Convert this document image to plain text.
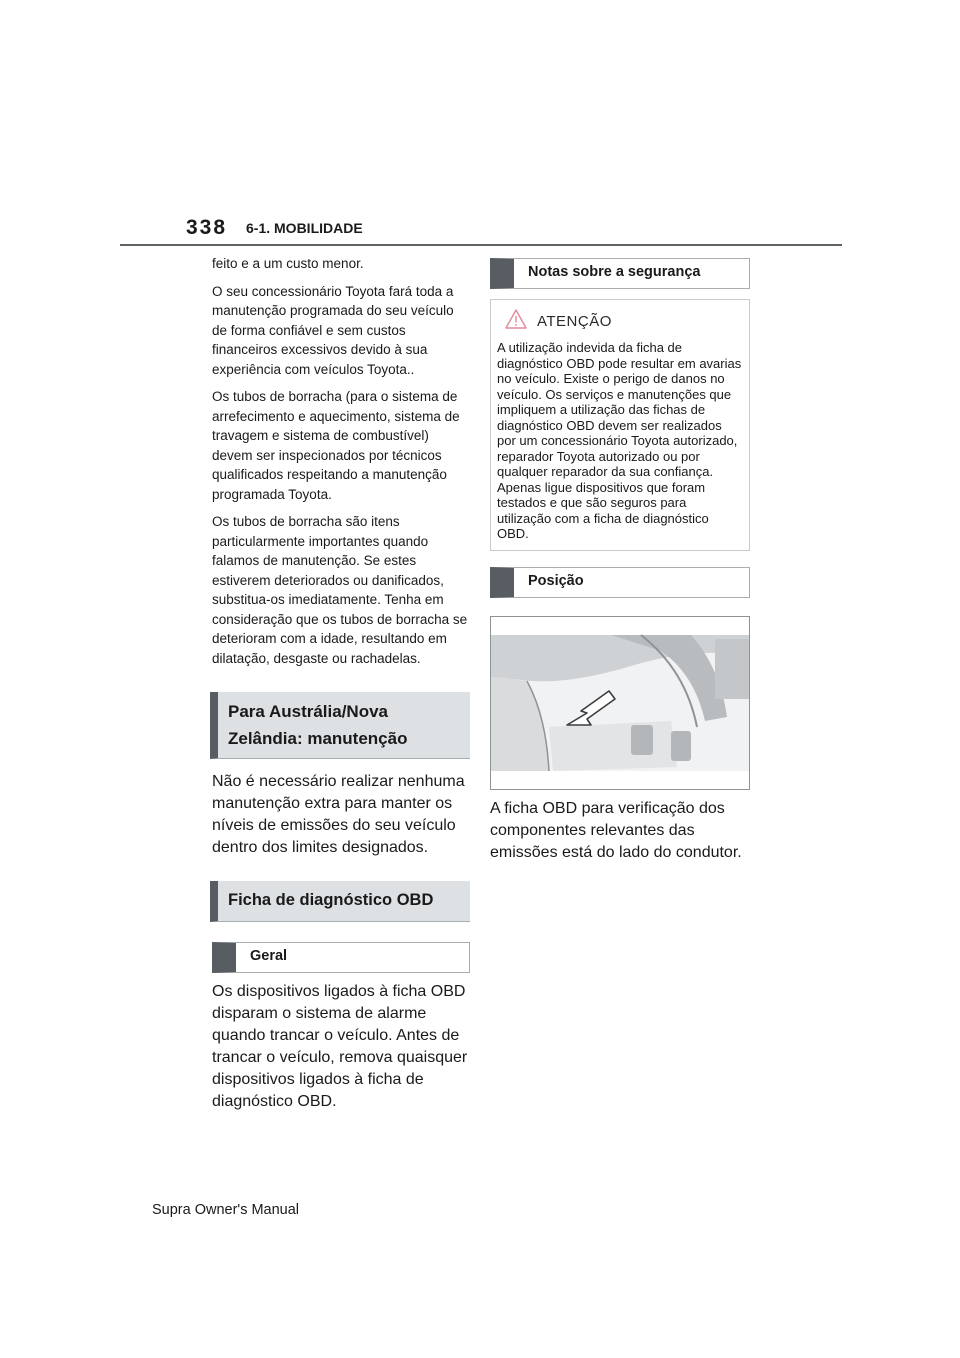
338 6-1. MOBILIDADE

feito e a um custo menor.

O seu concessionário Toyota fará toda a manutenção programada do seu veículo de forma confiável e sem custos financeiros excessivos devido à sua experiência com veículos Toyota..

Os tubos de borracha (para o sistema de arrefecimento e aquecimento, sistema de travagem e sistema de combustível) devem ser inspecionados por técnicos qualificados respeitando a manutenção programada Toyota.

Os tubos de borracha são itens particularmente importantes quando falamos de manutenção. Se estes estiverem deteriorados ou danificados, substitua-os imediatamente. Tenha em consideração que os tubos de borracha se deterioram com a idade, resultando em dilatação, desgaste ou rachadelas.

Para Austrália/Nova Zelândia: manutenção

Não é necessário realizar nenhuma manutenção extra para manter os níveis de emissões do seu veículo dentro dos limites designados.

Ficha de diagnóstico OBD
Geral

Os dispositivos ligados à ficha OBD disparam o sistema de alarme quando trancar o veículo. Antes de trancar o veículo, remova quaisquer dispositivos ligados à ficha de diagnóstico OBD.

Notas sobre a segurança
ATENÇÃO
A utilização indevida da ficha de diagnóstico OBD pode resultar em avarias no veículo. Existe o perigo de danos no veículo. Os serviços e manutenções que impliquem a utilização das fichas de diagnóstico OBD devem ser realizados por um concessionário Toyota autorizado, reparador Toyota autorizado ou por qualquer reparador da sua confiança. Apenas ligue dispositivos que foram testados e que são seguros para utilização com a ficha de diagnóstico OBD.
Posição

A ficha OBD para verificação dos componentes relevantes das emissões está do lado do condutor.

Supra Owner's Manual
